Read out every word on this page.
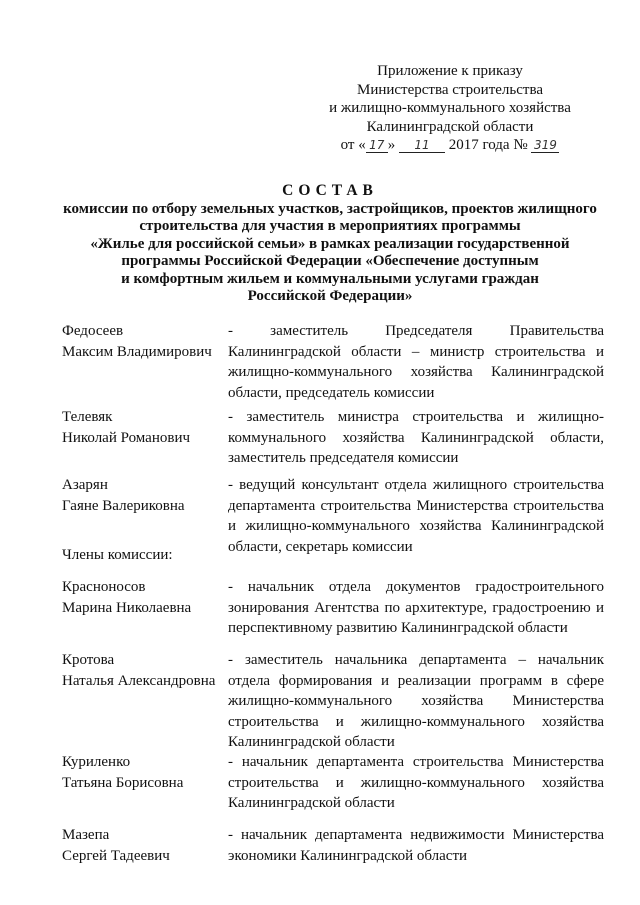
Приложение к приказу
Министерства строительства
и жилищно-коммунального хозяйства
Калининградской области
от « 17 » 11 2017 года № 319
СОСТАВ
комиссии по отбору земельных участков, застройщиков, проектов жилищного
строительства для участия в мероприятиях программы
«Жилье для российской семьи» в рамках реализации государственной
программы Российской Федерации «Обеспечение доступным
и комфортным жильем и коммунальными услугами граждан
Российской Федерации»
Федосеев
Максим Владимирович
- заместитель Председателя Правительства
Калининградской области – министр строительства и
жилищно-коммунального хозяйства Калининградской
области, председатель комиссии
Телевяк
Николай Романович
- заместитель министра строительства и жилищно-
коммунального хозяйства Калининградской области,
заместитель председателя комиссии
Азарян
Гаяне Валериковна
- ведущий консультант отдела жилищного строительства
департамента строительства Министерства строительства
и жилищно-коммунального хозяйства Калининградской
области, секретарь комиссии
Члены комиссии:
Красноносов
Марина Николаевна
- начальник отдела документов градостроительного
зонирования Агентства по архитектуре, градостроению и
перспективному развитию Калининградской области
Кротова
Наталья Александровна
- заместитель начальника департамента – начальник
отдела формирования и реализации программ в сфере
жилищно-коммунального хозяйства Министерства
строительства и жилищно-коммунального хозяйства
Калининградской области
Куриленко
Татьяна Борисовна
- начальник департамента строительства Министерства
строительства и жилищно-коммунального хозяйства
Калининградской области
Мазепа
Сергей Тадеевич
- начальник департамента недвижимости Министерства
экономики Калининградской области
